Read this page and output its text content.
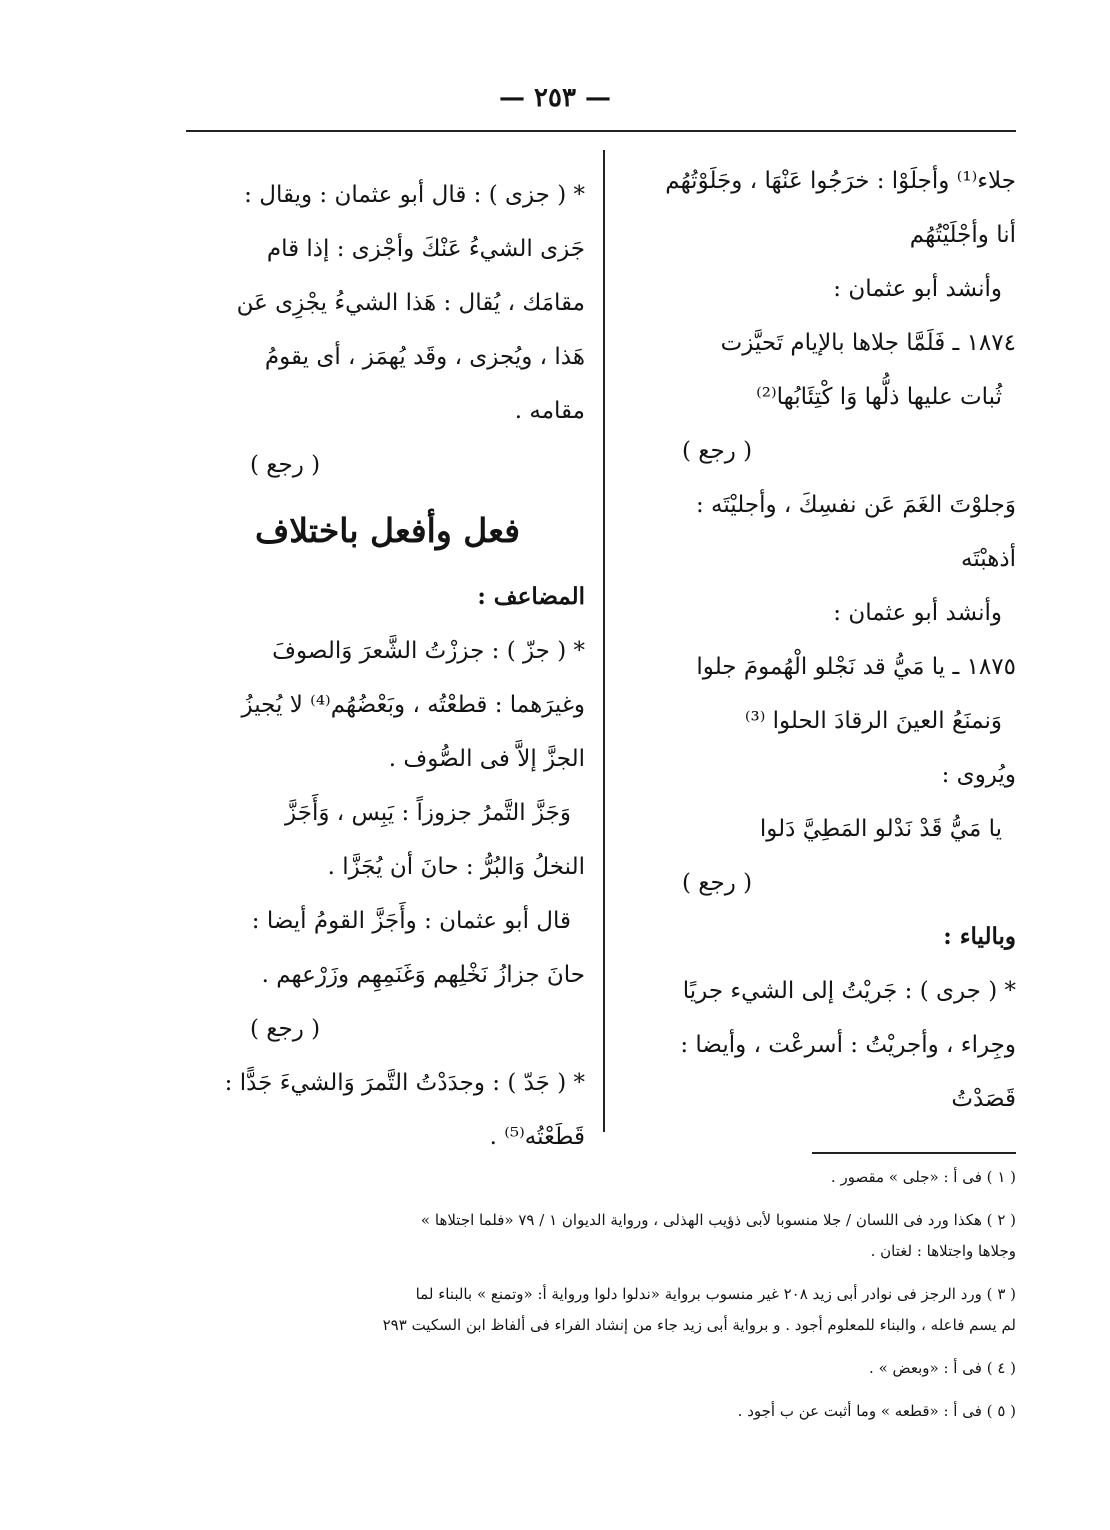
— ٢٥٣ —
جلاء⁽¹⁾ وأجلَوْا : خرَجُوا عَنْهَا ، وجَلَوْتُهُم
أنا وأجْلَيْتُهُم
وأنشد أبو عثمان :
١٨٧٤ ـ فَلَمَّا جلاها بالإيام تَحيَّزت
ثُبات عليها ذلُّها وَا كْتِئَابُها⁽²⁾
( رجع )
وَجلوْتَ الغَمَ عَن نفسِكَ ، وأجليْتَه :
أذهبْتَه
وأنشد أبو عثمان :
١٨٧٥ ـ يا مَيُّ قد نَجْلو الْهُمومَ جلوا
وَنمنَعُ العينَ الرقادَ الحلوا ⁽³⁾
ويُروى :
يا مَيُّ قَدْ نَدْلو المَطِيَّ دَلوا
( رجع )
وبالياء :
* ( جرى ) : جَريْتُ إلى الشيء جريًا
وجِراء ، وأجريْتُ : أسرعْت ، وأيضا :
قَصَدْتُ
* ( جزى ) : قال أبو عثمان : ويقال :
جَزى الشيءُ عَنْكَ وأجْزى : إذا قام
مقامَك ، يُقال : هَذا الشيءُ يجْزِى عَن
هَذا ، ويُجزى ، وقَد يُهمَز ، أى يقومُ
مقامه .
( رجع )
فعل وأفعل باختلاف
المضاعف :
* ( جزّ ) : جززْتُ الشَّعرَ وَالصوفَ
وغيرَهما : قطعْتُه ، وبَعْضُهُم⁽⁴⁾ لا يُجيزُ
الجزَّ إلاَّ فى الصُّوف .
وَجَزَّ التَّمرُ جزوزاً : يَبِس ، وَأَجَزَّ
النخلُ وَالبُرُّ : حانَ أن يُجَزَّا .
قال أبو عثمان : وأَجَزَّ القومُ أيضا :
حانَ جزازُ نَخْلِهم وَغَنَمِهِم وزَرْعهم .
( رجع )
* ( جَدّ ) : وجدَدْتُ التَّمرَ وَالشيءَ جَدًّا :
قَطَعْتُه⁽⁵⁾ .
( ١ ) فى أ : «جلى » مقصور .
( ٢ ) هكذا ورد فى اللسان / جلا منسوبا لأبى ذؤيب الهذلى ، ورواية الديوان ١ / ٧٩ «فلما اجتلاها »
وجلاها واجتلاها : لغتان .
( ٣ ) ورد الرجز فى نوادر أبى زيد ٢٠٨ غير منسوب برواية «ندلوا دلوا ورواية أ: «وتمنع » بالبناء لما
لم يسم فاعله ، والبناء للمعلوم أجود . و برواية أبى زيد جاء من إنشاد الفراء فى ألفاظ ابن السكيت ٢٩٣
( ٤ ) فى أ : «وبعض » .
( ٥ ) فى أ : «قطعه » وما أثبت عن ب أجود .
